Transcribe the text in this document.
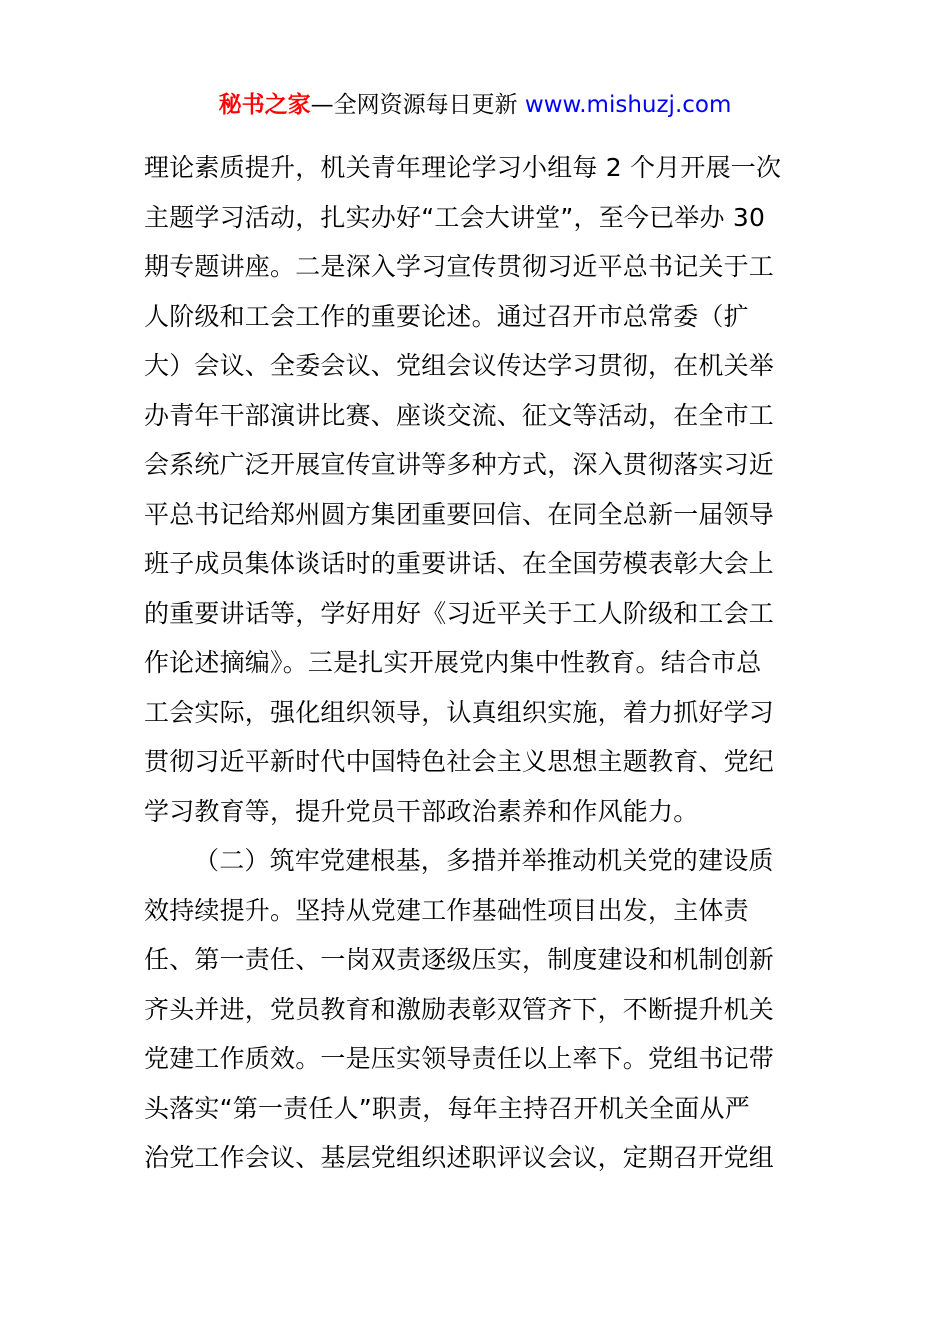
秘书之家—全网资源每日更新 www.mishuzj.com
理论素质提升，机关青年理论学习小组每 2 个月开展一次
主题学习活动，扎实办好“工会大讲堂”，至今已举办 30
期专题讲座。二是深入学习宣传贯彻习近平总书记关于工
人阶级和工会工作的重要论述。通过召开市总常委（扩
大）会议、全委会议、党组会议传达学习贯彻，在机关举
办青年干部演讲比赛、座谈交流、征文等活动，在全市工
会系统广泛开展宣传宣讲等多种方式，深入贯彻落实习近
平总书记给郑州圆方集团重要回信、在同全总新一届领导
班子成员集体谈话时的重要讲话、在全国劳模表彰大会上
的重要讲话等，学好用好《习近平关于工人阶级和工会工
作论述摘编》。三是扎实开展党内集中性教育。结合市总
工会实际，强化组织领导，认真组织实施，着力抓好学习
贯彻习近平新时代中国特色社会主义思想主题教育、党纪
学习教育等，提升党员干部政治素养和作风能力。
（二）筑牢党建根基，多措并举推动机关党的建设质
效持续提升。坚持从党建工作基础性项目出发，主体责
任、第一责任、一岗双责逐级压实，制度建设和机制创新
齐头并进，党员教育和激励表彰双管齐下，不断提升机关
党建工作质效。一是压实领导责任以上率下。党组书记带
头落实“第一责任人”职责，每年主持召开机关全面从严
治党工作会议、基层党组织述职评议会议，定期召开党组
